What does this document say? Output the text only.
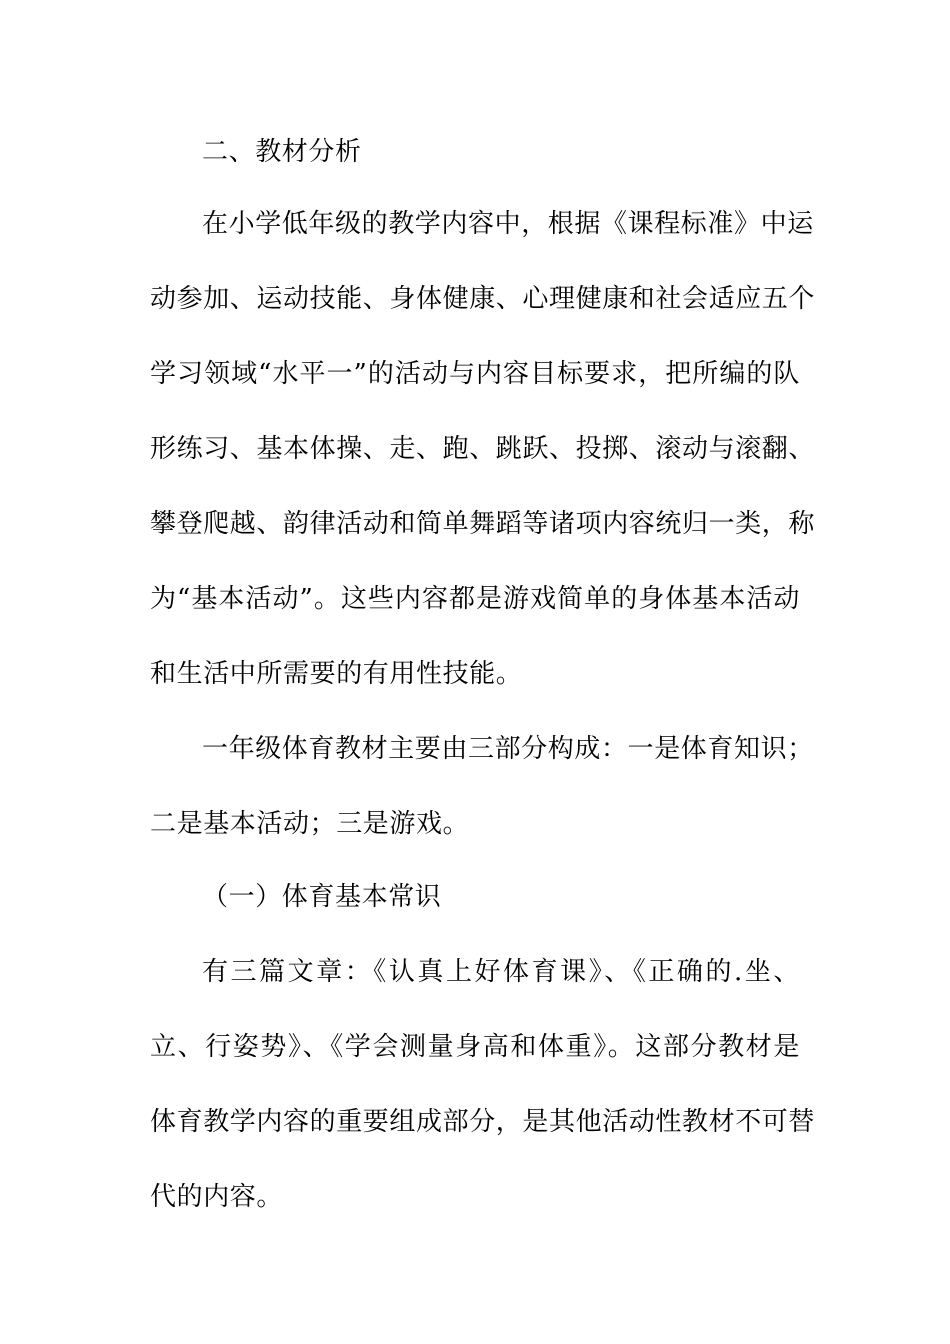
二、教材分析
在小学低年级的教学内容中，根据《课程标准》中运
动参加、运动技能、身体健康、心理健康和社会适应五个
学习领域“水平一”的活动与内容目标要求，把所编的队
形练习、基本体操、走、跑、跳跃、投掷、滚动与滚翻、
攀登爬越、韵律活动和简单舞蹈等诸项内容统归一类，称
为“基本活动”。这些内容都是游戏简单的身体基本活动
和生活中所需要的有用性技能。
一年级体育教材主要由三部分构成：一是体育知识；
二是基本活动；三是游戏。
（一）体育基本常识
有三篇文章：《认真上好体育课》、《正确的.坐、
立、行姿势》、《学会测量身高和体重》。这部分教材是
体育教学内容的重要组成部分，是其他活动性教材不可替
代的内容。
